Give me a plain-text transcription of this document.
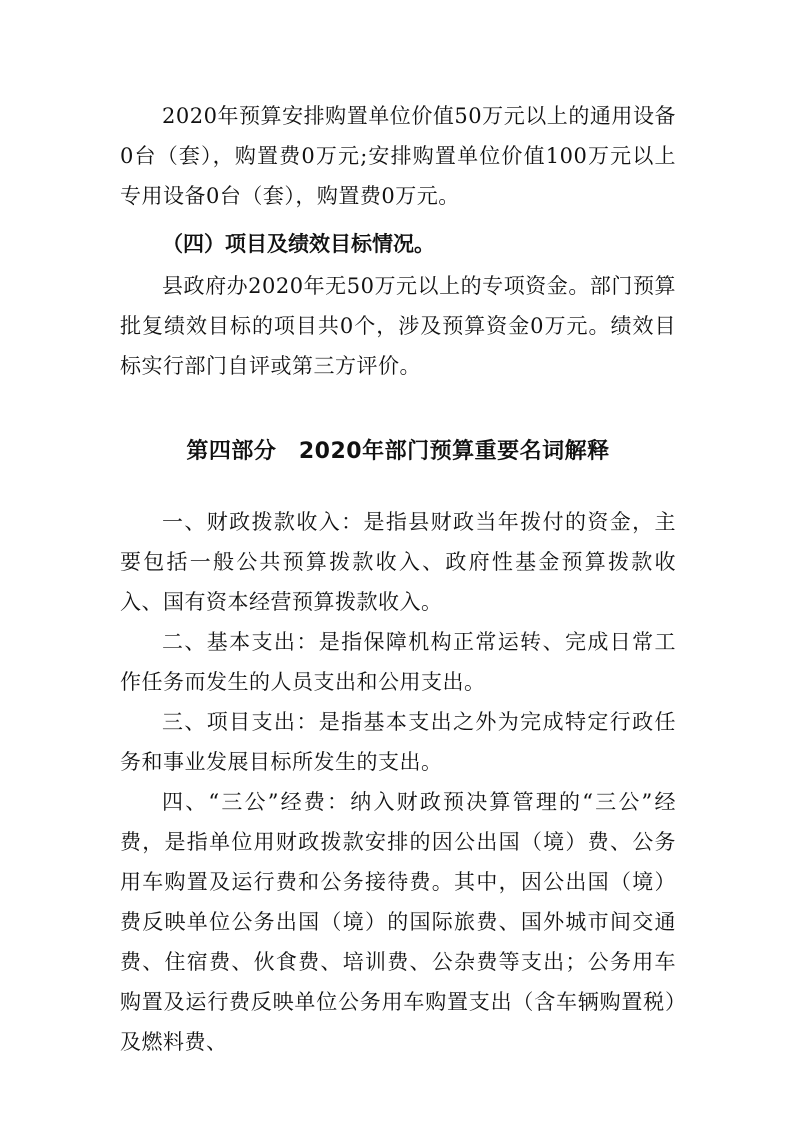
2020年预算安排购置单位价值50万元以上的通用设备0台（套），购置费0万元;安排购置单位价值100万元以上专用设备0台（套），购置费0万元。

（四）项目及绩效目标情况。

县政府办2020年无50万元以上的专项资金。部门预算批复绩效目标的项目共0个，涉及预算资金0万元。绩效目标实行部门自评或第三方评价。

第四部分　2020年部门预算重要名词解释

一、财政拨款收入：是指县财政当年拨付的资金，主要包括一般公共预算拨款收入、政府性基金预算拨款收入、国有资本经营预算拨款收入。

二、基本支出：是指保障机构正常运转、完成日常工作任务而发生的人员支出和公用支出。

三、项目支出：是指基本支出之外为完成特定行政任务和事业发展目标所发生的支出。

四、“三公”经费：纳入财政预决算管理的“三公”经费，是指单位用财政拨款安排的因公出国（境）费、公务用车购置及运行费和公务接待费。其中，因公出国（境）费反映单位公务出国（境）的国际旅费、国外城市间交通费、住宿费、伙食费、培训费、公杂费等支出；公务用车购置及运行费反映单位公务用车购置支出（含车辆购置税）及燃料费、
